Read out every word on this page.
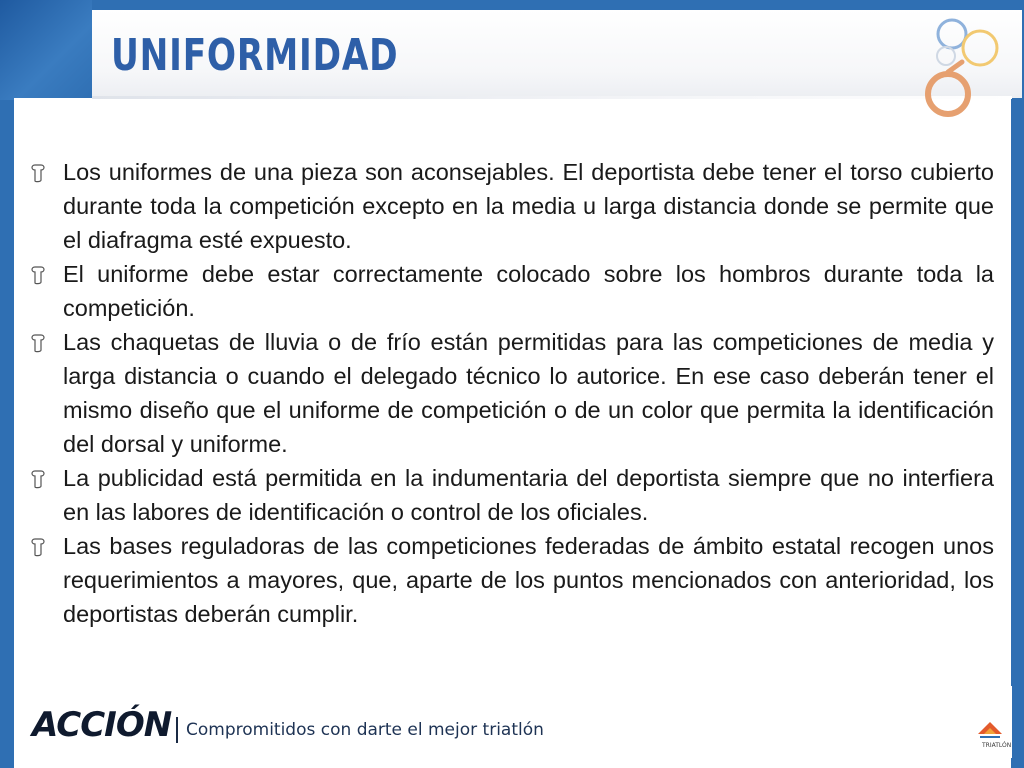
UNIFORMIDAD
Los uniformes de una pieza son aconsejables. El deportista debe tener el torso cubierto durante toda la competición excepto en la media u larga distancia donde se permite que el diafragma esté expuesto.
El uniforme debe estar correctamente colocado sobre los hombros durante toda la competición.
Las chaquetas de lluvia o de frío están permitidas para las competiciones de media y larga distancia o cuando el delegado técnico lo autorice. En ese caso deberán tener el mismo diseño que el uniforme de competición o de un color que permita la identificación del dorsal y uniforme.
La publicidad está permitida en la indumentaria del deportista siempre que no interfiera en las labores de identificación o control de los oficiales.
Las bases reguladoras de las competiciones federadas de ámbito estatal recogen unos requerimientos a mayores, que, aparte de los puntos mencionados con anterioridad, los deportistas deberán cumplir.
ACCIÓN Compromitidos con darte el mejor triatlón
TRIATLÓN
